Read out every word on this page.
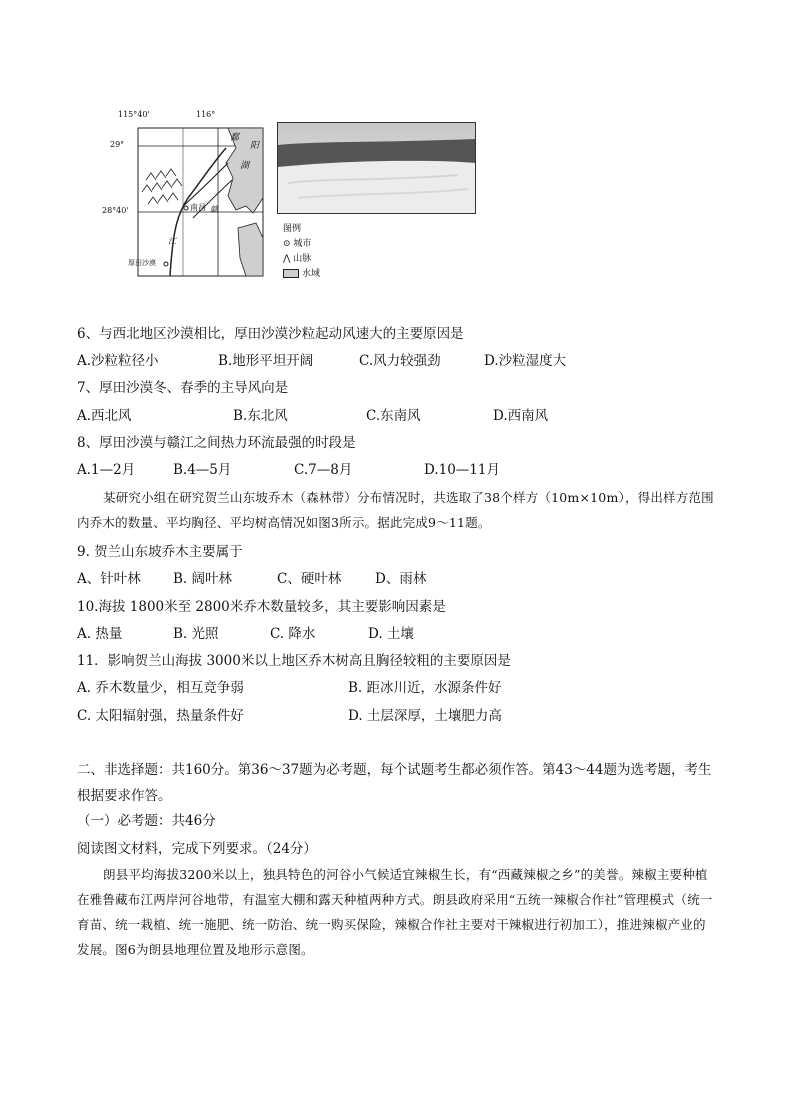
115°40'	116°
29°
28°40'
鄱
阳
湖
南昌 赣
江
厚田沙漠
图例
⊙ 城市
⋀ 山脉
水域
6、与西北地区沙漠相比，厚田沙漠沙粒起动风速大的主要原因是
A.沙粒粒径小	B.地形平坦开阔	C.风力较强劲	D.沙粒湿度大
7、厚田沙漠冬、春季的主导风向是
A.西北风	B.东北风	C.东南风	D.西南风
8、厚田沙漠与赣江之间热力环流最强的时段是
A.1—2月	B.4—5月	C.7—8月	D.10—11月
某研究小组在研究贺兰山东坡乔木（森林带）分布情况时，共选取了38个样方（10m×10m），得出样方范围内乔木的数量、平均胸径、平均树高情况如图3所示。据此完成9～11题。
9. 贺兰山东坡乔木主要属于
A、针叶林 B. 阔叶林	C、硬叶林 D、雨林
10.海拔 1800米至 2800米乔木数量较多，其主要影响因素是
A. 热量	B. 光照	C. 降水	D. 土壤
11．影响贺兰山海拔 3000米以上地区乔木树高且胸径较粗的主要原因是
A. 乔木数量少，相互竞争弱	B. 距冰川近，水源条件好
C. 太阳辐射强，热量条件好	D. 土层深厚，土壤肥力高
二、非选择题：共160分。第36～37题为必考题，每个试题考生都必须作答。第43～44题为选考题，考生根据要求作答。
（一）必考题：共46分
阅读图文材料，完成下列要求。（24分）
朗县平均海拔3200米以上，独具特色的河谷小气候适宜辣椒生长，有“西藏辣椒之乡”的美誉。辣椒主要种植在雅鲁藏布江两岸河谷地带，有温室大棚和露天种植两种方式。朗县政府采用“五统一辣椒合作社”管理模式（统一育苗、统一栽植、统一施肥、统一防治、统一购买保险，辣椒合作社主要对干辣椒进行初加工），推进辣椒产业的发展。图6为朗县地理位置及地形示意图。
